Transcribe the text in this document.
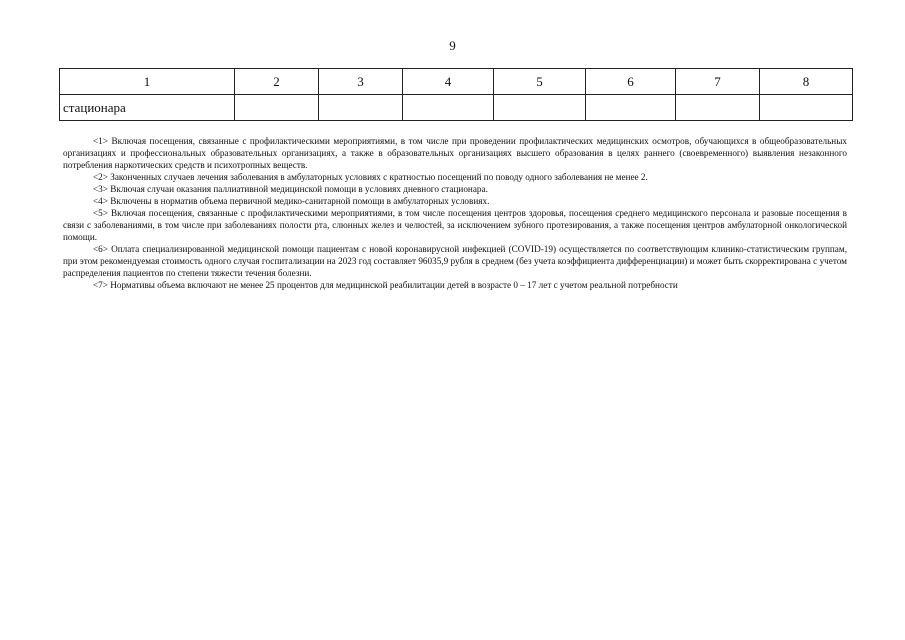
9
1	2	3	4	5	6	7	8
стационара							

<1> Включая посещения, связанные с профилактическими мероприятиями, в том числе при проведении профилактических медицинских осмотров, обучающихся в общеобразовательных организациях и профессиональных образовательных организациях, а также в образовательных организациях высшего образования в целях раннего (своевременного) выявления незаконного потребления наркотических средств и психотропных веществ.

<2> Законченных случаев лечения заболевания в амбулаторных условиях с кратностью посещений по поводу одного заболевания не менее 2.

<3> Включая случаи оказания паллиативной медицинской помощи в условиях дневного стационара.

<4> Включены в норматив объема первичной медико-санитарной помощи в амбулаторных условиях.

<5> Включая посещения, связанные с профилактическими мероприятиями, в том числе посещения центров здоровья, посещения среднего медицинского персонала и разовые посещения в связи с заболеваниями, в том числе при заболеваниях полости рта, слюнных желез и челюстей, за исключением зубного протезирования, а также посещения центров амбулаторной онкологической помощи.

<6> Оплата специализированной медицинской помощи пациентам с новой коронавирусной инфекцией (COVID-19) осуществляется по соответствующим клинико-статистическим группам, при этом рекомендуемая стоимость одного случая госпитализации на 2023 год составляет 96035,9 рубля в среднем (без учета коэффициента дифференциации) и может быть скорректирована с учетом распределения пациентов по степени тяжести течения болезни.

<7> Нормативы объема включают не менее 25 процентов для медицинской реабилитации детей в возрасте 0 – 17 лет с учетом реальной потребности
